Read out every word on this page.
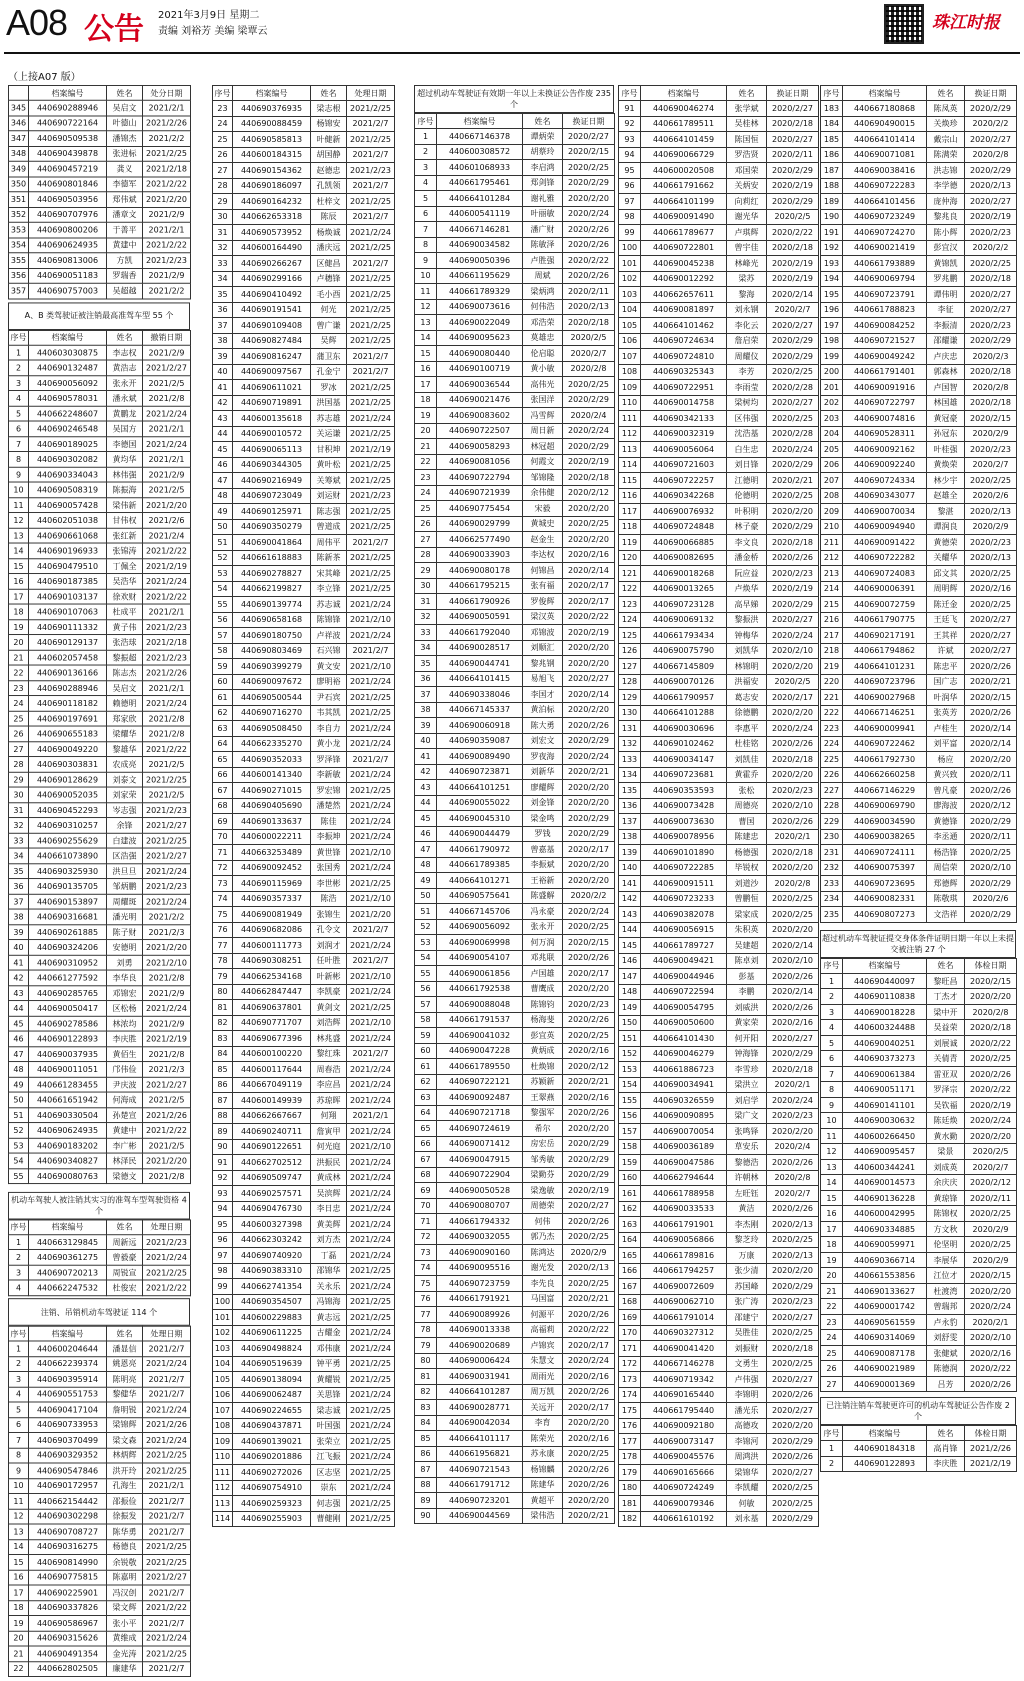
A08 公告 2021年3月9日 星期二
责编 刘裕芳 美编 梁覃云	珠江时报
（上接A07 版）
	档案编号	姓名	处分日期
345	440690288946	吴启文	2021/2/1
346	440690722164	叶德山	2021/2/26
347	440690509538	潘锦杰	2021/2/2
348	440690439878	张进标	2021/2/25
349	440690457219	龚义	2021/2/18
350	440690801846	李德军	2021/2/22
351	440690503956	郑伟斌	2021/2/20
352	440690707976	潘章文	2021/2/9
353	440690800206	于善平	2021/2/1
354	440690624935	黄建中	2021/2/22
355	440690813006	方凯	2021/2/23
356	440690051183	罗瑞香	2021/2/9
357	440690757003	吴超越	2021/2/2
A、B 类驾驶证被注销最高准驾车型 55 个
序号	档案编号	姓名	撤销日期
1	440603030875	李志权	2021/2/9
2	440690132487	黄浩志	2021/2/27
3	440690056092	张永开	2021/2/5
4	440690578031	潘永斌	2021/2/8
5	440662248607	黄鹏龙	2021/2/24
6	440690246548	吴国方	2021/2/1
7	440690189025	李德国	2021/2/24
8	440690302082	黄均华	2021/2/1
9	440690334043	林伟强	2021/2/9
10	440690508319	陈振海	2021/2/5
11	440690057428	梁伟新	2021/2/20
12	440602051038	甘伟权	2021/2/6
13	440690661068	张红新	2021/2/4
14	440690196933	张锦涛	2021/2/22
15	440690479510	丁佩全	2021/2/19
16	440690187385	吴浩华	2021/2/24
17	440690103137	徐欢财	2021/2/22
18	440690107063	杜成平	2021/2/1
19	440690111332	黄子伟	2021/2/23
20	440690129137	张浩球	2021/2/18
21	440602057458	黎振超	2021/2/23
22	440690136166	陈志杰	2021/2/26
23	440690288946	吴启文	2021/2/1
24	440690118182	赖德明	2021/2/24
25	440690197691	郑家欣	2021/2/8
26	440690655183	梁耀华	2021/2/8
27	440690049220	黎雄华	2021/2/22
28	440690303831	农成亮	2021/2/5
29	440690128629	刘泰文	2021/2/25
30	440690052035	刘家荣	2021/2/5
31	440690452293	岑志强	2021/2/23
32	440690310257	余锋	2021/2/27
33	440690255629	白建波	2021/2/25
34	440661073890	区浩强	2021/2/27
35	440690325930	洪旦旦	2021/2/24
36	440690135705	邹炳鹏	2021/2/23
37	440690153897	周耀斑	2021/2/24
38	440690316681	潘光明	2021/2/2
39	440690261885	陈子财	2021/2/3
40	440690324206	安德明	2021/2/20
41	440690310952	刘勇	2021/2/10
42	440661277592	李华良	2021/2/8
43	440690285765	邓锦宏	2021/2/9
44	440690050417	区松杨	2021/2/24
45	440690278586	林浓均	2021/2/9
46	440690122893	李庆胜	2021/2/19
47	440690037935	黄佰生	2021/2/8
48	440690011051	邝伟俭	2021/2/3
49	440661283455	尹庆波	2021/2/27
50	440661651942	何海成	2021/2/5
51	440690330504	孙楚宣	2021/2/26
52	440690624935	黄建中	2021/2/22
53	440690183202	李广彬	2021/2/5
54	440690340827	林泽民	2021/2/20
55	440690080763	梁德文	2021/2/8
机动车驾驶人被注销其实习的准驾车型驾驶资格 4 个
序号	档案编号	姓名	处理日期
1	440663129845	周新远	2021/2/23
2	440690361275	曾毅豪	2021/2/24
3	440690720213	周锐宣	2021/2/25
4	440662247532	杜俊宏	2021/2/22
注销、吊销机动车驾驶证 114 个
序号	档案编号	姓名	处理日期
1	440600204644	潘显信	2021/2/7
2	440662239374	姚恩亮	2021/2/24
3	440690395914	陈明亮	2021/2/7
4	440690551753	黎健华	2021/2/7
5	440690417104	詹明锐	2021/2/24
6	440690733953	梁锦辉	2021/2/26
7	440690370499	梁文森	2021/2/24
8	440690329352	林炳辉	2021/2/25
9	440690547846	洪开玲	2021/2/25
10	440690172957	孔海生	2021/2/1
11	440662154442	邵振俭	2021/2/7
12	440690302298	徐振发	2021/2/7
13	440690708727	陈华勇	2021/2/7
14	440690316275	杨德良	2021/2/25
15	440690814990	余锐敬	2021/2/25
16	440690775815	陈嘉明	2021/2/27
17	440690225901	冯汉创	2021/2/7
18	440690337826	梁文辉	2021/2/22
19	440690586967	张小平	2021/2/7
20	440690315626	黄维成	2021/2/24
21	440690491354	金光涛	2021/2/25
22	440662802505	廉建华	2021/2/7
序号	档案编号	姓名	处理日期
23	440690376935	梁志根	2021/2/25
24	440690088459	杨锦安	2021/2/7
25	440690585813	叶健新	2021/2/25
26	440600184315	胡国静	2021/2/7
27	440690154362	赵德忠	2021/2/23
28	440690186097	孔凯领	2021/2/7
29	440690164232	杜梓文	2021/2/25
30	440662653318	陈辰	2021/2/7
31	440690573952	杨焕诚	2021/2/24
32	440600164490	潘庆远	2021/2/25
33	440690266267	区健昌	2021/2/7
34	440690299166	卢穗锋	2021/2/25
35	440690410492	毛小酉	2021/2/25
36	440690191541	何光	2021/2/25
37	440690109408	曾广谦	2021/2/25
38	440690827484	吴辉	2021/2/25
39	440690816247	蒲卫东	2021/2/7
40	440690097567	孔金宁	2021/2/7
41	440690611021	罗冰	2021/2/25
42	440690719891	洪国基	2021/2/25
43	440600135618	苏志雄	2021/2/24
44	440690010572	关运谦	2021/2/25
45	440690065113	甘积坤	2021/2/19
46	440690344305	黄叶松	2021/2/25
47	440690216949	关筹斌	2021/2/25
48	440690723049	刘运财	2021/2/23
49	440690125971	陈志强	2021/2/25
50	440690350279	曾道成	2021/2/25
51	440690041864	周伟平	2021/2/7
52	440661618883	陈新茶	2021/2/25
53	440690278827	宋其峰	2021/2/25
54	440662199827	李立锋	2021/2/25
55	440690139774	苏志诚	2021/2/24
56	440690658168	陈锦锋	2021/2/10
57	440690180750	卢祥波	2021/2/24
58	440690803469	石兴锦	2021/2/7
59	440690399279	黄文安	2021/2/10
60	440690097672	廖明裕	2021/2/24
61	440690500544	尹石宾	2021/2/25
62	440690716270	韦其凯	2021/2/25
63	440690508450	李自力	2021/2/24
64	440662335270	黄小龙	2021/2/24
65	440690352033	罗泽锋	2021/2/7
66	440600141340	李新敏	2021/2/24
67	440690271015	罗宏锦	2021/2/25
68	440690405690	潘楚然	2021/2/24
69	440690133637	陈佳	2021/2/24
70	440600022211	李振坤	2021/2/24
71	440663253489	黄世锋	2021/2/10
72	440690092452	张国秀	2021/2/24
73	440690115969	李世彬	2021/2/25
74	440690357337	陈浩	2021/2/10
75	440690081949	张锦生	2021/2/20
76	440690682086	孔令文	2021/2/7
77	440600111773	刘润才	2021/2/24
78	440690308251	任叶胜	2021/2/7
79	440662534168	叶新彬	2021/2/10
80	440662847447	李凯豪	2021/2/24
81	440690637801	黄剑文	2021/2/25
82	440690771707	刘浩辉	2021/2/10
83	440690677396	林兆盛	2021/2/24
84	440600100220	黎红珠	2021/2/7
85	440600117644	周春浩	2021/2/24
86	440667049119	李应昌	2021/2/24
87	440600149939	苏琼晖	2021/2/24
88	440662667667	何翔	2021/2/1
89	440690240711	詹寅甲	2021/2/24
90	440690122651	何光庭	2021/2/10
91	440662702512	洪振民	2021/2/24
92	440690509747	黄成林	2021/2/24
93	440690257571	吴滨辉	2021/2/24
94	440690476730	李日忠	2021/2/24
95	440600327398	黄美辉	2021/2/24
96	440662303242	刘方杰	2021/2/24
97	440690740920	丁磊	2021/2/24
98	440690383310	邵锦华	2021/2/25
99	440662741354	关永乐	2021/2/24
100	440690354507	冯锦海	2021/2/25
101	440600229883	黄志远	2021/2/25
102	440690611225	古耀金	2021/2/24
103	440690498824	邓伟康	2021/2/24
104	440690519639	钟平勇	2021/2/25
105	440690138094	黄耀锐	2021/2/25
106	440690062487	关思锋	2021/2/24
107	440690224655	梁志诚	2021/2/25
108	440690437871	叶国强	2021/2/24
109	440690139021	张荣立	2021/2/25
110	440690201886	江飞振	2021/2/24
111	440690272026	区志坚	2021/2/25
112	440690754910	崇东	2021/2/24
113	440690259323	何志强	2021/2/25
114	440690255903	曹健刚	2021/2/25
超过机动车驾驶证有效期一年以上未换证公告作废 235 个
序号	档案编号	姓名	换证日期
1	440667146378	谭炳荣	2020/2/27
2	440600308572	胡蔡玲	2020/2/15
3	440601068933	李启鸿	2020/2/25
4	440661795461	郑剑锋	2020/2/29
5	440664101284	谢礼雅	2020/2/20
6	440600541119	叶丽敏	2020/2/24
7	440667146281	潘广财	2020/2/26
8	440690034582	陈敏泽	2020/2/26
9	440690050396	卢胜强	2020/2/22
10	440661195629	周斌	2020/2/26
11	440661789329	梁炳鸿	2020/2/11
12	440690073616	何伟浩	2020/2/13
13	440690022049	邓浩荣	2020/2/18
14	440690095623	莫雄忠	2020/2/5
15	440690080440	伦启聪	2020/2/7
16	440690100719	黄小敏	2020/2/8
17	440690036544	高伟光	2020/2/25
18	440690021476	张国洋	2020/2/29
19	440690083602	冯雪辉	2020/2/4
20	440690722507	周日新	2020/2/24
21	440690058293	林冠超	2020/2/29
22	440690081056	何霞文	2020/2/19
23	440690722794	邹锦隆	2020/2/18
24	440690721939	余伟健	2020/2/12
25	440690775454	宋毅	2020/2/20
26	440690029799	黄城史	2020/2/25
27	440662577490	赵金生	2020/2/20
28	440690033903	李达权	2020/2/16
29	440690080178	何锦昌	2020/2/14
30	440661795215	张有福	2020/2/17
31	440661790926	罗俊辉	2020/2/17
32	440690050591	梁汉英	2020/2/22
33	440661792040	邓锦波	2020/2/19
34	440690028517	刘顺汇	2020/2/20
35	440690044741	黎兆钢	2020/2/20
36	440664101415	易旭飞	2020/2/27
37	440690338046	李国才	2020/2/14
38	440667145337	黄泊标	2020/2/20
39	440690060918	陈大勇	2020/2/26
40	440690359087	刘宏文	2020/2/29
41	440690089490	罗夜海	2020/2/24
42	440690723871	刘新华	2020/2/21
43	440664101251	廖耀辉	2020/2/20
44	440690055022	刘金锋	2020/2/20
45	440690045310	梁金鸣	2020/2/29
46	440690044479	罗钱	2020/2/29
47	440661790972	曾嘉基	2020/2/17
48	440661789385	李振斌	2020/2/20
49	440664101271	王裕新	2020/2/20
50	440690575641	陈盛解	2020/2/2
51	440667145706	冯永豪	2020/2/24
52	440690056092	张永开	2020/2/25
53	440690069998	何万润	2020/2/15
54	440690054107	邓兆联	2020/2/26
55	440690061856	卢国雄	2020/2/17
56	440661792538	曹鹰成	2020/2/20
57	440690088048	陈锦钧	2020/2/23
58	440661791537	杨海斐	2020/2/26
59	440690041032	彭宜英	2020/2/25
60	440690047228	黄炳成	2020/2/16
61	440661789550	杜焕锦	2020/2/12
62	440690722121	苏颖新	2020/2/21
63	440690092487	王翠燕	2020/2/16
64	440690721718	黎强军	2020/2/26
65	440690724619	希尔	2020/2/20
66	440690071412	房宏岳	2020/2/29
67	440690047915	邹秀敏	2020/2/29
68	440690722904	梁勤芬	2020/2/29
69	440690050528	梁逸敏	2020/2/19
70	440690080707	周德荣	2020/2/27
71	440661794332	何伟	2020/2/26
72	440690032055	郭乃杰	2020/2/25
73	440690090160	陈鸿达	2020/2/9
74	440690095516	谢光发	2020/2/13
75	440690723759	李先良	2020/2/25
76	440661791921	马国富	2020/2/21
77	440690089926	何源平	2020/2/26
78	440690013338	高福莉	2020/2/22
79	440690020689	卢锦宾	2020/2/17
80	440690006424	朱慧文	2020/2/24
81	440690031941	周雨光	2020/2/16
82	440664101287	周万凯	2020/2/26
83	440690028771	关远开	2020/2/17
84	440690042034	李育	2020/2/20
85	440664101117	陈荣光	2020/2/16
86	440661956821	苏永康	2020/2/25
87	440690721543	杨锦麟	2020/2/26
88	440661791712	陈建华	2020/2/26
89	440690723201	黄超平	2020/2/20
90	440690044569	梁伟浩	2020/2/21
序号	档案编号	姓名	换证日期
91	440690046274	张学斌	2020/2/27
92	440661789511	吴桂林	2020/2/18
93	440664101459	陈国恒	2020/2/27
94	440690066729	罗浩贤	2020/2/11
95	440600020508	邓国荣	2020/2/29
96	440661791662	关炳安	2020/2/19
97	440664101199	向莉红	2020/2/29
98	440690091490	谢光华	2020/2/5
99	440661789677	卢琪辉	2020/2/22
100	440690722801	曾宇佳	2020/2/18
101	440690045238	林峰光	2020/2/19
102	440690012292	梁苏	2020/2/19
103	440662657611	黎海	2020/2/14
104	440690081897	刘永钢	2020/2/7
105	440664101462	李化云	2020/2/27
106	440690724634	詹启荣	2020/2/29
107	440690724810	周耀仪	2020/2/29
108	440690325343	李芳	2020/2/25
109	440690722951	李雨莹	2020/2/28
110	440690014758	梁树均	2020/2/27
111	440690342133	区伟强	2020/2/25
112	440690032319	沈浩基	2020/2/28
113	440690056064	白生忠	2020/2/24
114	440690721603	刘日锋	2020/2/29
115	440690722257	江德明	2020/2/21
116	440690342268	伦德明	2020/2/25
117	440690076932	叶积明	2020/2/20
118	440690724848	林子豪	2020/2/29
119	440690066885	李文良	2020/2/18
120	440690082695	潘金桥	2020/2/26
121	440690018268	阮应益	2020/2/23
122	440690013265	卢焕华	2020/2/19
123	440690723128	高早娣	2020/2/29
124	440690069132	黎振洪	2020/2/27
125	440661793434	钟梅华	2020/2/24
126	440690075790	刘凯华	2020/2/10
127	440667145809	林锦明	2020/2/20
128	440690070126	洪福安	2020/2/5
129	440661790957	葛志安	2020/2/17
130	440664101288	徐德鹏	2020/2/20
131	440690030696	李惠平	2020/2/24
132	440690102462	杜桂铭	2020/2/26
133	440690034147	刘凯佳	2020/2/18
134	440690723681	黄霍乔	2020/2/20
135	440690353593	张松	2020/2/23
136	440690073428	周德亮	2020/2/10
137	440690073630	曹国	2020/2/26
138	440690078956	陈建忠	2020/2/1
139	440690101890	杨德强	2020/2/18
140	440690722285	毕锐权	2020/2/20
141	440690091511	刘道沙	2020/2/8
142	440690723233	曾鹏恒	2020/2/25
143	440690382078	梁家成	2020/2/25
144	440690056915	朱积英	2020/2/20
145	440661789727	吴建超	2020/2/14
146	440690049421	陈卓刘	2020/2/10
147	440690044946	彭基	2020/2/26
148	440690722594	李鹏	2020/2/14
149	440690054795	刘威洪	2020/2/26
150	440690050600	黄家荣	2020/2/16
151	440664101430	何开阳	2020/2/27
152	440690046279	钟海锋	2020/2/29
153	440661886723	李雪珍	2020/2/18
154	440690034941	梁洪立	2020/2/1
155	440690326559	刘启学	2020/2/24
156	440690090895	梁广文	2020/2/23
157	440690070054	张鸣铎	2020/2/20
158	440690036189	草安乐	2020/2/4
159	440690047586	黎德浩	2020/2/26
160	440662794644	许朝林	2020/2/8
161	440661788958	左旺钰	2020/2/7
162	440690033533	黄洁	2020/2/26
163	440661791901	李杰刚	2020/2/13
164	440690056866	黎芝玲	2020/2/25
165	440661789816	万康	2020/2/13
166	440661794257	张少清	2020/2/20
167	440690072609	苏国峰	2020/2/29
168	440690062710	张广涛	2020/2/23
169	440661791014	邵建宁	2020/2/27
170	440690327312	吴胜佳	2020/2/25
171	440690041420	刘振财	2020/2/18
172	440667146278	文勇生	2020/2/25
173	440690719342	卢伟强	2020/2/27
174	440690165440	李锦明	2020/2/26
175	440661795440	潘光乐	2020/2/27
176	440690092180	高德攻	2020/2/20
177	440690073147	李锦河	2020/2/29
178	440690045576	周鸿洪	2020/2/26
179	440690165666	梁锦华	2020/2/27
180	440690724249	李凯耀	2020/2/25
181	440690079346	何敏	2020/2/25
182	440661610192	刘永基	2020/2/29
序号	档案编号	姓名	换证日期
183	440667180868	陈凤英	2020/2/29
184	440690490015	关焕珍	2020/2/2
185	440664101414	戴宗山	2020/2/27
186	440690071081	陈满荣	2020/2/8
187	440690038416	洪志锦	2020/2/29
188	440690722283	李学德	2020/2/13
189	440664101456	庞仲海	2020/2/27
190	440690723249	黎兆良	2020/2/19
191	440690724270	陈小辉	2020/2/23
192	440690021419	彭宜汉	2020/2/2
193	440661793889	黄锦凯	2020/2/25
194	440690069794	罗兆鹏	2020/2/18
195	440690723791	谭伟明	2020/2/27
196	440661788823	李征	2020/2/27
197	440690084252	李振清	2020/2/23
198	440690721527	邵耀谦	2020/2/29
199	440690049242	卢庆忠	2020/2/3
200	440661791401	郭森林	2020/2/18
201	440690091916	卢国智	2020/2/8
202	440690722797	林国雄	2020/2/18
203	440690074816	黄冠豪	2020/2/15
204	440690528311	孙冠东	2020/2/9
205	440690092162	叶桂强	2020/2/23
206	440690092240	黄焕荣	2020/2/7
207	440690724334	林少宇	2020/2/25
208	440690343077	赵雄全	2020/2/6
209	440690070034	黎湛	2020/2/13
210	440690094940	谭润良	2020/2/9
211	440690091422	黄德荣	2020/2/23
212	440690722282	关耀华	2020/2/13
213	440690724083	邱文其	2020/2/25
214	440690006391	周明辉	2020/2/16
215	440690072759	陈迁金	2020/2/25
216	440661790775	王廷飞	2020/2/27
217	440690217191	王其祥	2020/2/27
218	440661794862	许斌	2020/2/27
219	440664101231	陈忠平	2020/2/26
220	440690723796	国广志	2020/2/21
221	440690027968	叶润华	2020/2/15
222	440667146251	张英芳	2020/2/26
223	440690009941	卢桂生	2020/2/14
224	440690722462	刘平富	2020/2/14
225	440661792730	杨应	2020/2/20
226	440662660258	黄兴致	2020/2/11
227	440667146229	曾凡豪	2020/2/26
228	440690069790	廖海波	2020/2/12
229	440690034590	黄德锋	2020/2/29
230	440690038265	李丞通	2020/2/11
231	440690724111	杨浩锋	2020/2/25
232	440690075397	周信荣	2020/2/10
233	440690723695	郑德辉	2020/2/29
234	440690082331	陈敬琪	2020/2/6
235	440690807273	文浩祥	2020/2/29
超过机动车驾驶证提交身体条件证明日期一年以上未提交被注销 27 个
序号	档案编号	姓名	体检日期
1	440690440097	黎旺昌	2020/2/15
2	440690110838	丁杰才	2020/2/20
3	440690018228	梁中开	2020/2/8
4	440600324488	吴益荣	2020/2/18
5	440690040251	刘展诚	2020/2/22
6	440690373273	关倩青	2020/2/25
7	440690061384	雷亚双	2020/2/26
8	440690051171	罗泽宗	2020/2/22
9	440690141101	吴钦福	2020/2/19
10	440690030632	陈廷焕	2020/2/24
11	440600266450	黄水勤	2020/2/20
12	440690095457	梁景	2020/2/5
13	440600344241	刘成英	2020/2/7
14	440690014573	余庆庆	2020/2/12
15	440690136228	黄琼锋	2020/2/11
16	440600042995	陈锦权	2020/2/25
17	440690334885	方文秋	2020/2/9
18	440690059971	伦坚明	2020/2/25
19	440690366714	李展华	2020/2/9
20	440661553856	江位才	2020/2/15
21	440690133627	杜渡湾	2020/2/20
22	440690001742	曾瑞邦	2020/2/24
23	440690561559	卢永豹	2020/2/1
24	440690314069	刘舒雯	2020/2/10
25	440690087178	张健斌	2020/2/16
26	440690021989	陈德润	2020/2/22
27	440690001369	吕芳	2020/2/26
已注销注销车驾驶更许可的机动车驾驶证公告作废 2 个
序号	档案编号	姓名	体检日期
1	440690184318	高肖锋	2021/2/26
2	440690122893	李庆胜	2021/2/19
